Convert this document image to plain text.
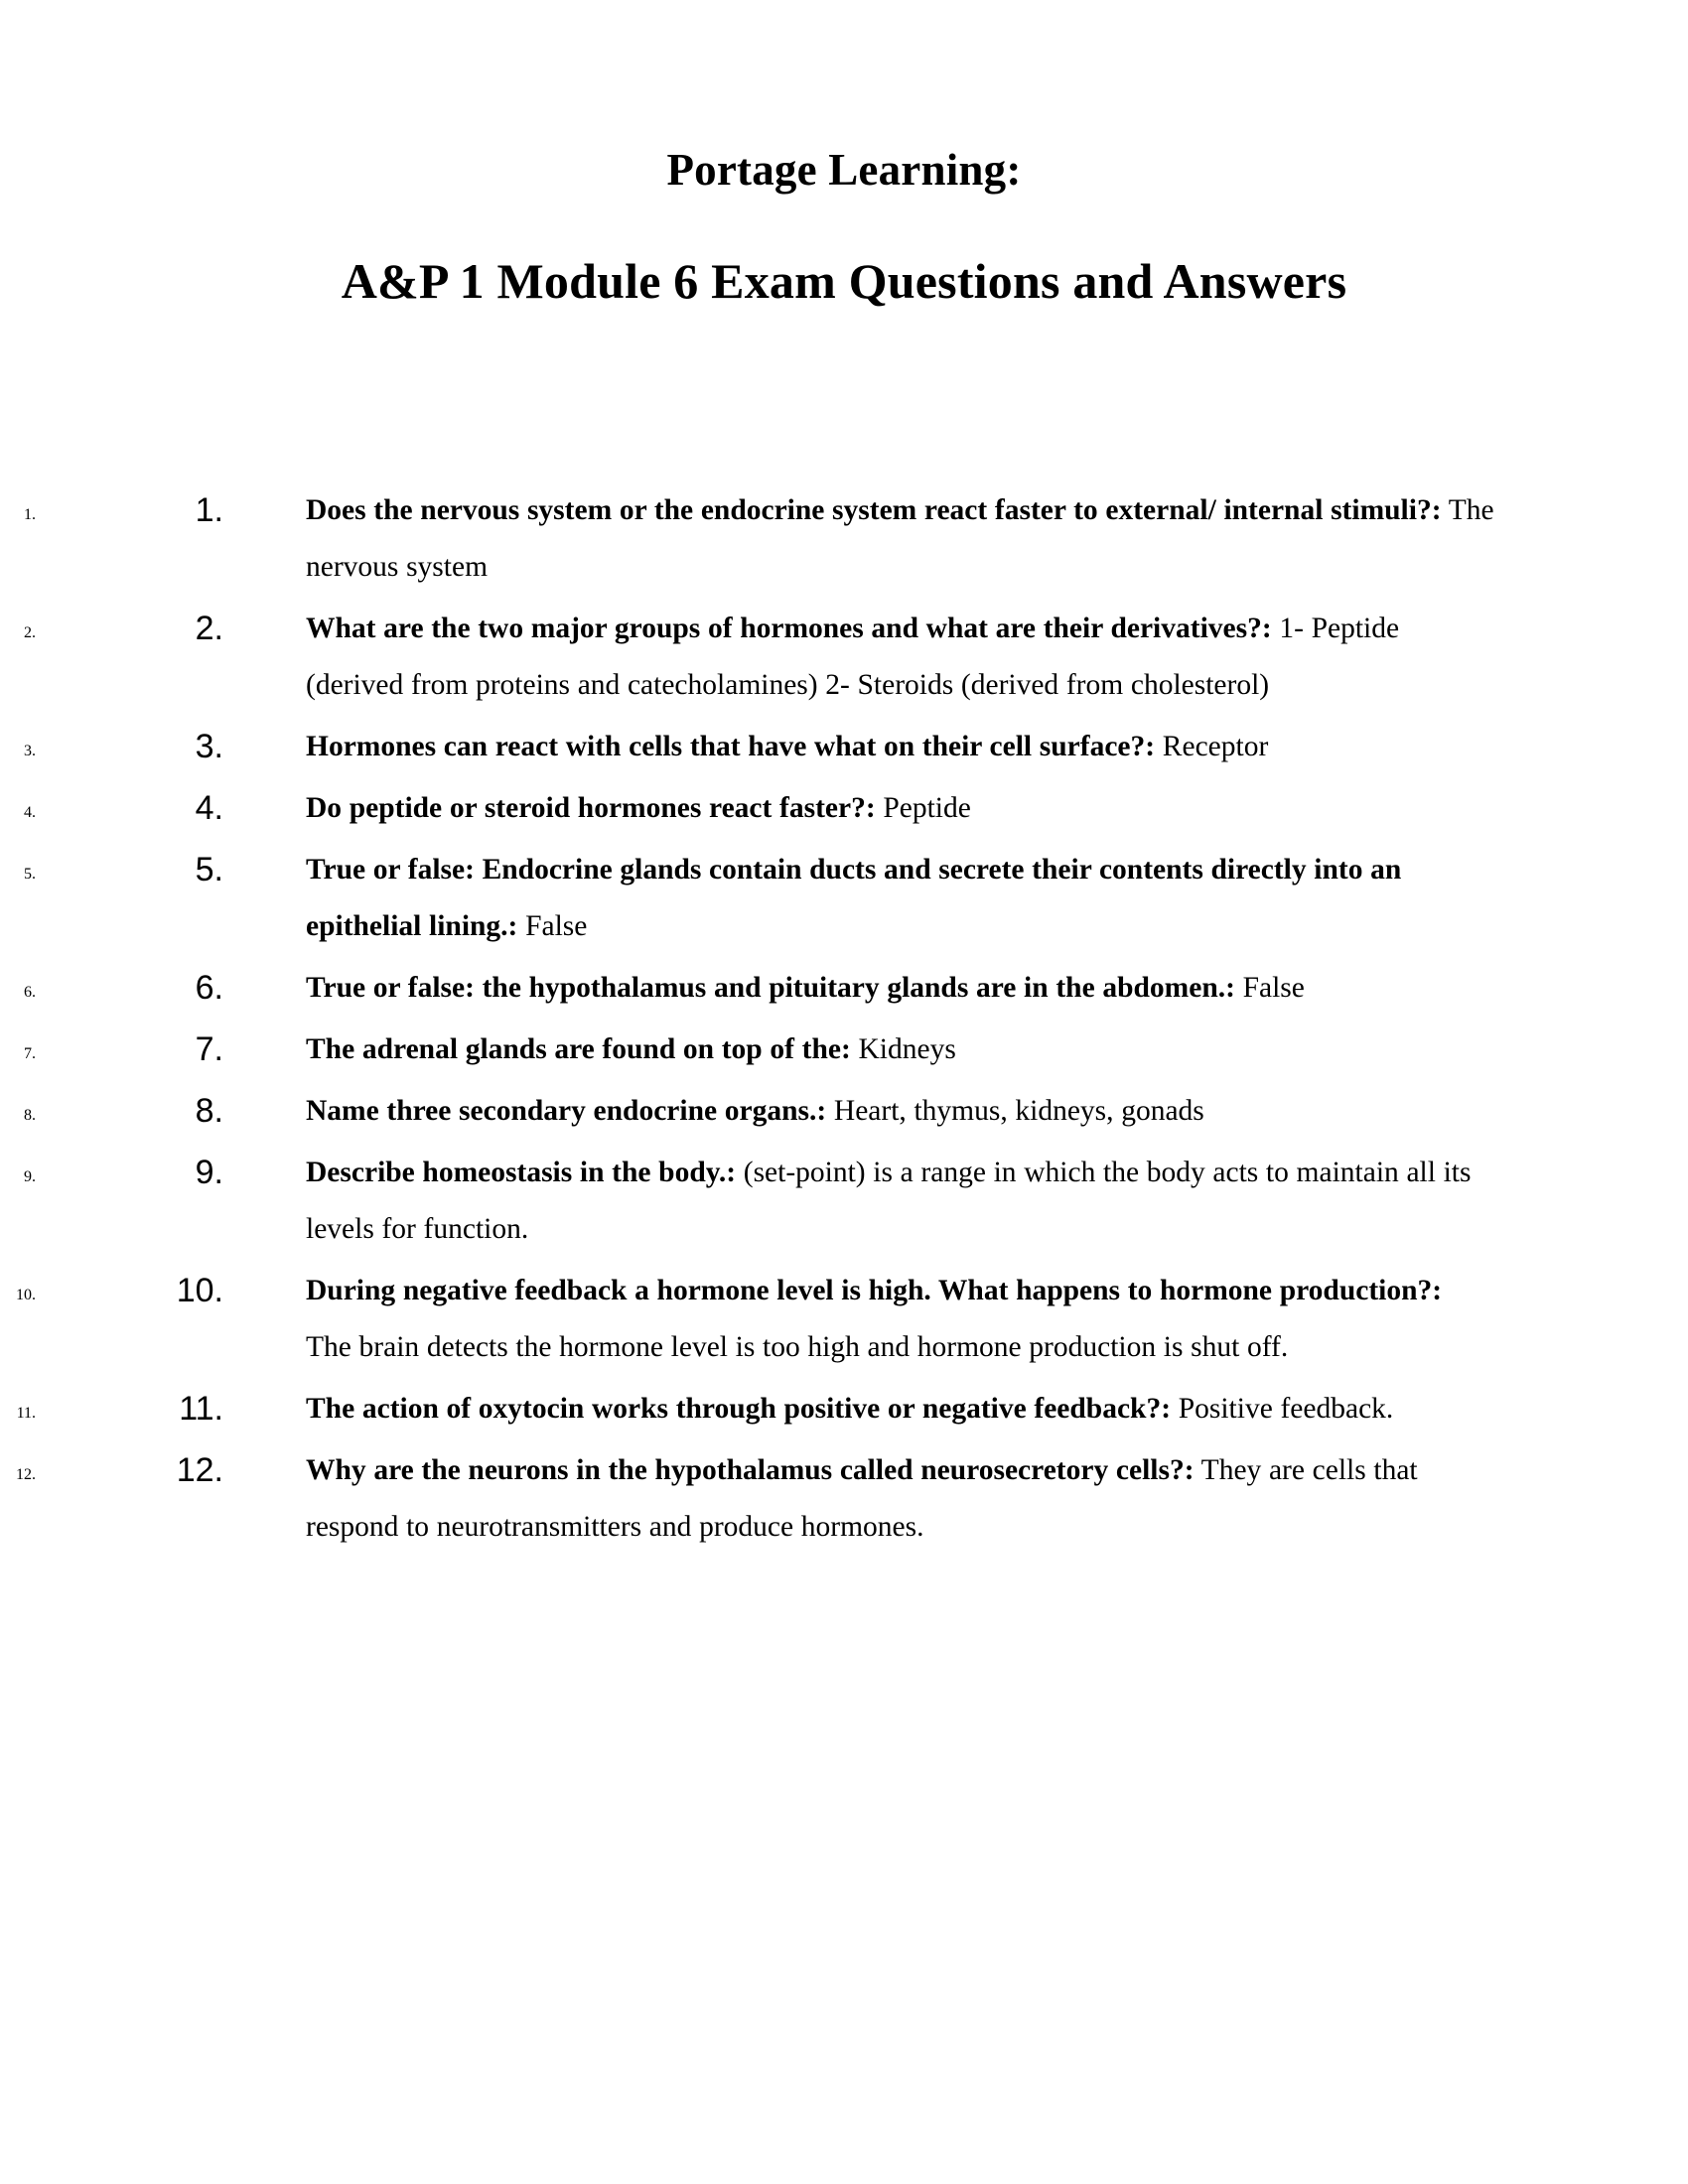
Portage Learning:
A&P 1 Module 6 Exam Questions and Answers
1. 1.	Does the nervous system or the endocrine system react faster to external/ internal stimuli?: The nervous system
2. 2.	What are the two major groups of hormones and what are their derivatives?: 1- Peptide (derived from proteins and catecholamines) 2- Steroids (derived from cholesterol)
3. 3.	Hormones can react with cells that have what on their cell surface?: Receptor
4. 4.	Do peptide or steroid hormones react faster?: Peptide
5. 5.	True or false: Endocrine glands contain ducts and secrete their contents directly into an epithelial lining.: False
6. 6.	True or false: the hypothalamus and pituitary glands are in the abdomen.: False
7. 7.	The adrenal glands are found on top of the: Kidneys
8. 8.	Name three secondary endocrine organs.: Heart, thymus, kidneys, gonads
9. 9.	Describe homeostasis in the body.: (set-point) is a range in which the body acts to maintain all its levels for function.
10. 10.	During negative feedback a hormone level is high. What happens to hormone production?: The brain detects the hormone level is too high and hormone production is shut off.
11. 11.	The action of oxytocin works through positive or negative feedback?: Positive feedback.
12. 12.	Why are the neurons in the hypothalamus called neurosecretory cells?: They are cells that respond to neurotransmitters and produce hormones.
